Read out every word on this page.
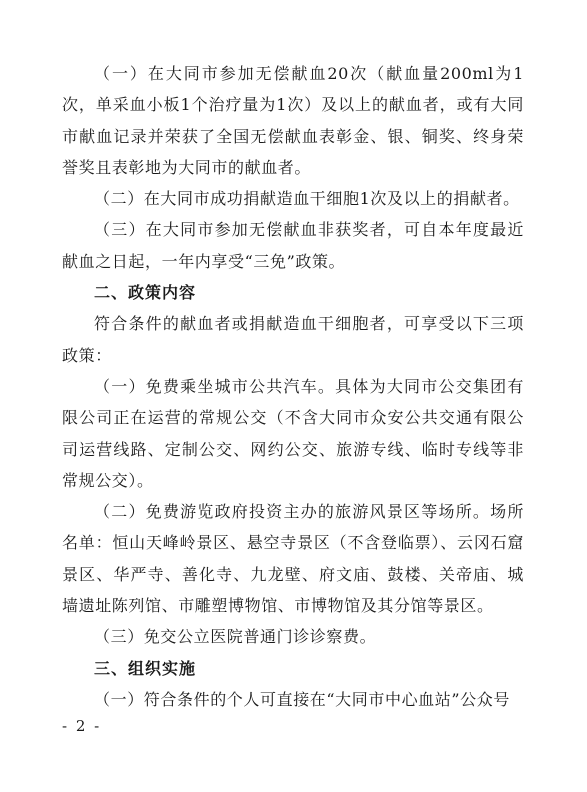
（一）在大同市参加无偿献血20次（献血量200ml为1次，单采血小板1个治疗量为1次）及以上的献血者，或有大同市献血记录并荣获了全国无偿献血表彰金、银、铜奖、终身荣誉奖且表彰地为大同市的献血者。

（二）在大同市成功捐献造血干细胞1次及以上的捐献者。

（三）在大同市参加无偿献血非获奖者，可自本年度最近献血之日起，一年内享受“三免”政策。

二、政策内容

符合条件的献血者或捐献造血干细胞者，可享受以下三项政策：

（一）免费乘坐城市公共汽车。具体为大同市公交集团有限公司正在运营的常规公交（不含大同市众安公共交通有限公司运营线路、定制公交、网约公交、旅游专线、临时专线等非常规公交）。

（二）免费游览政府投资主办的旅游风景区等场所。场所名单：恒山天峰岭景区、悬空寺景区（不含登临票）、云冈石窟景区、华严寺、善化寺、九龙壁、府文庙、鼓楼、关帝庙、城墙遗址陈列馆、市雕塑博物馆、市博物馆及其分馆等景区。

（三）免交公立医院普通门诊诊察费。

三、组织实施

（一）符合条件的个人可直接在“大同市中心血站”公众号

- 2 -
